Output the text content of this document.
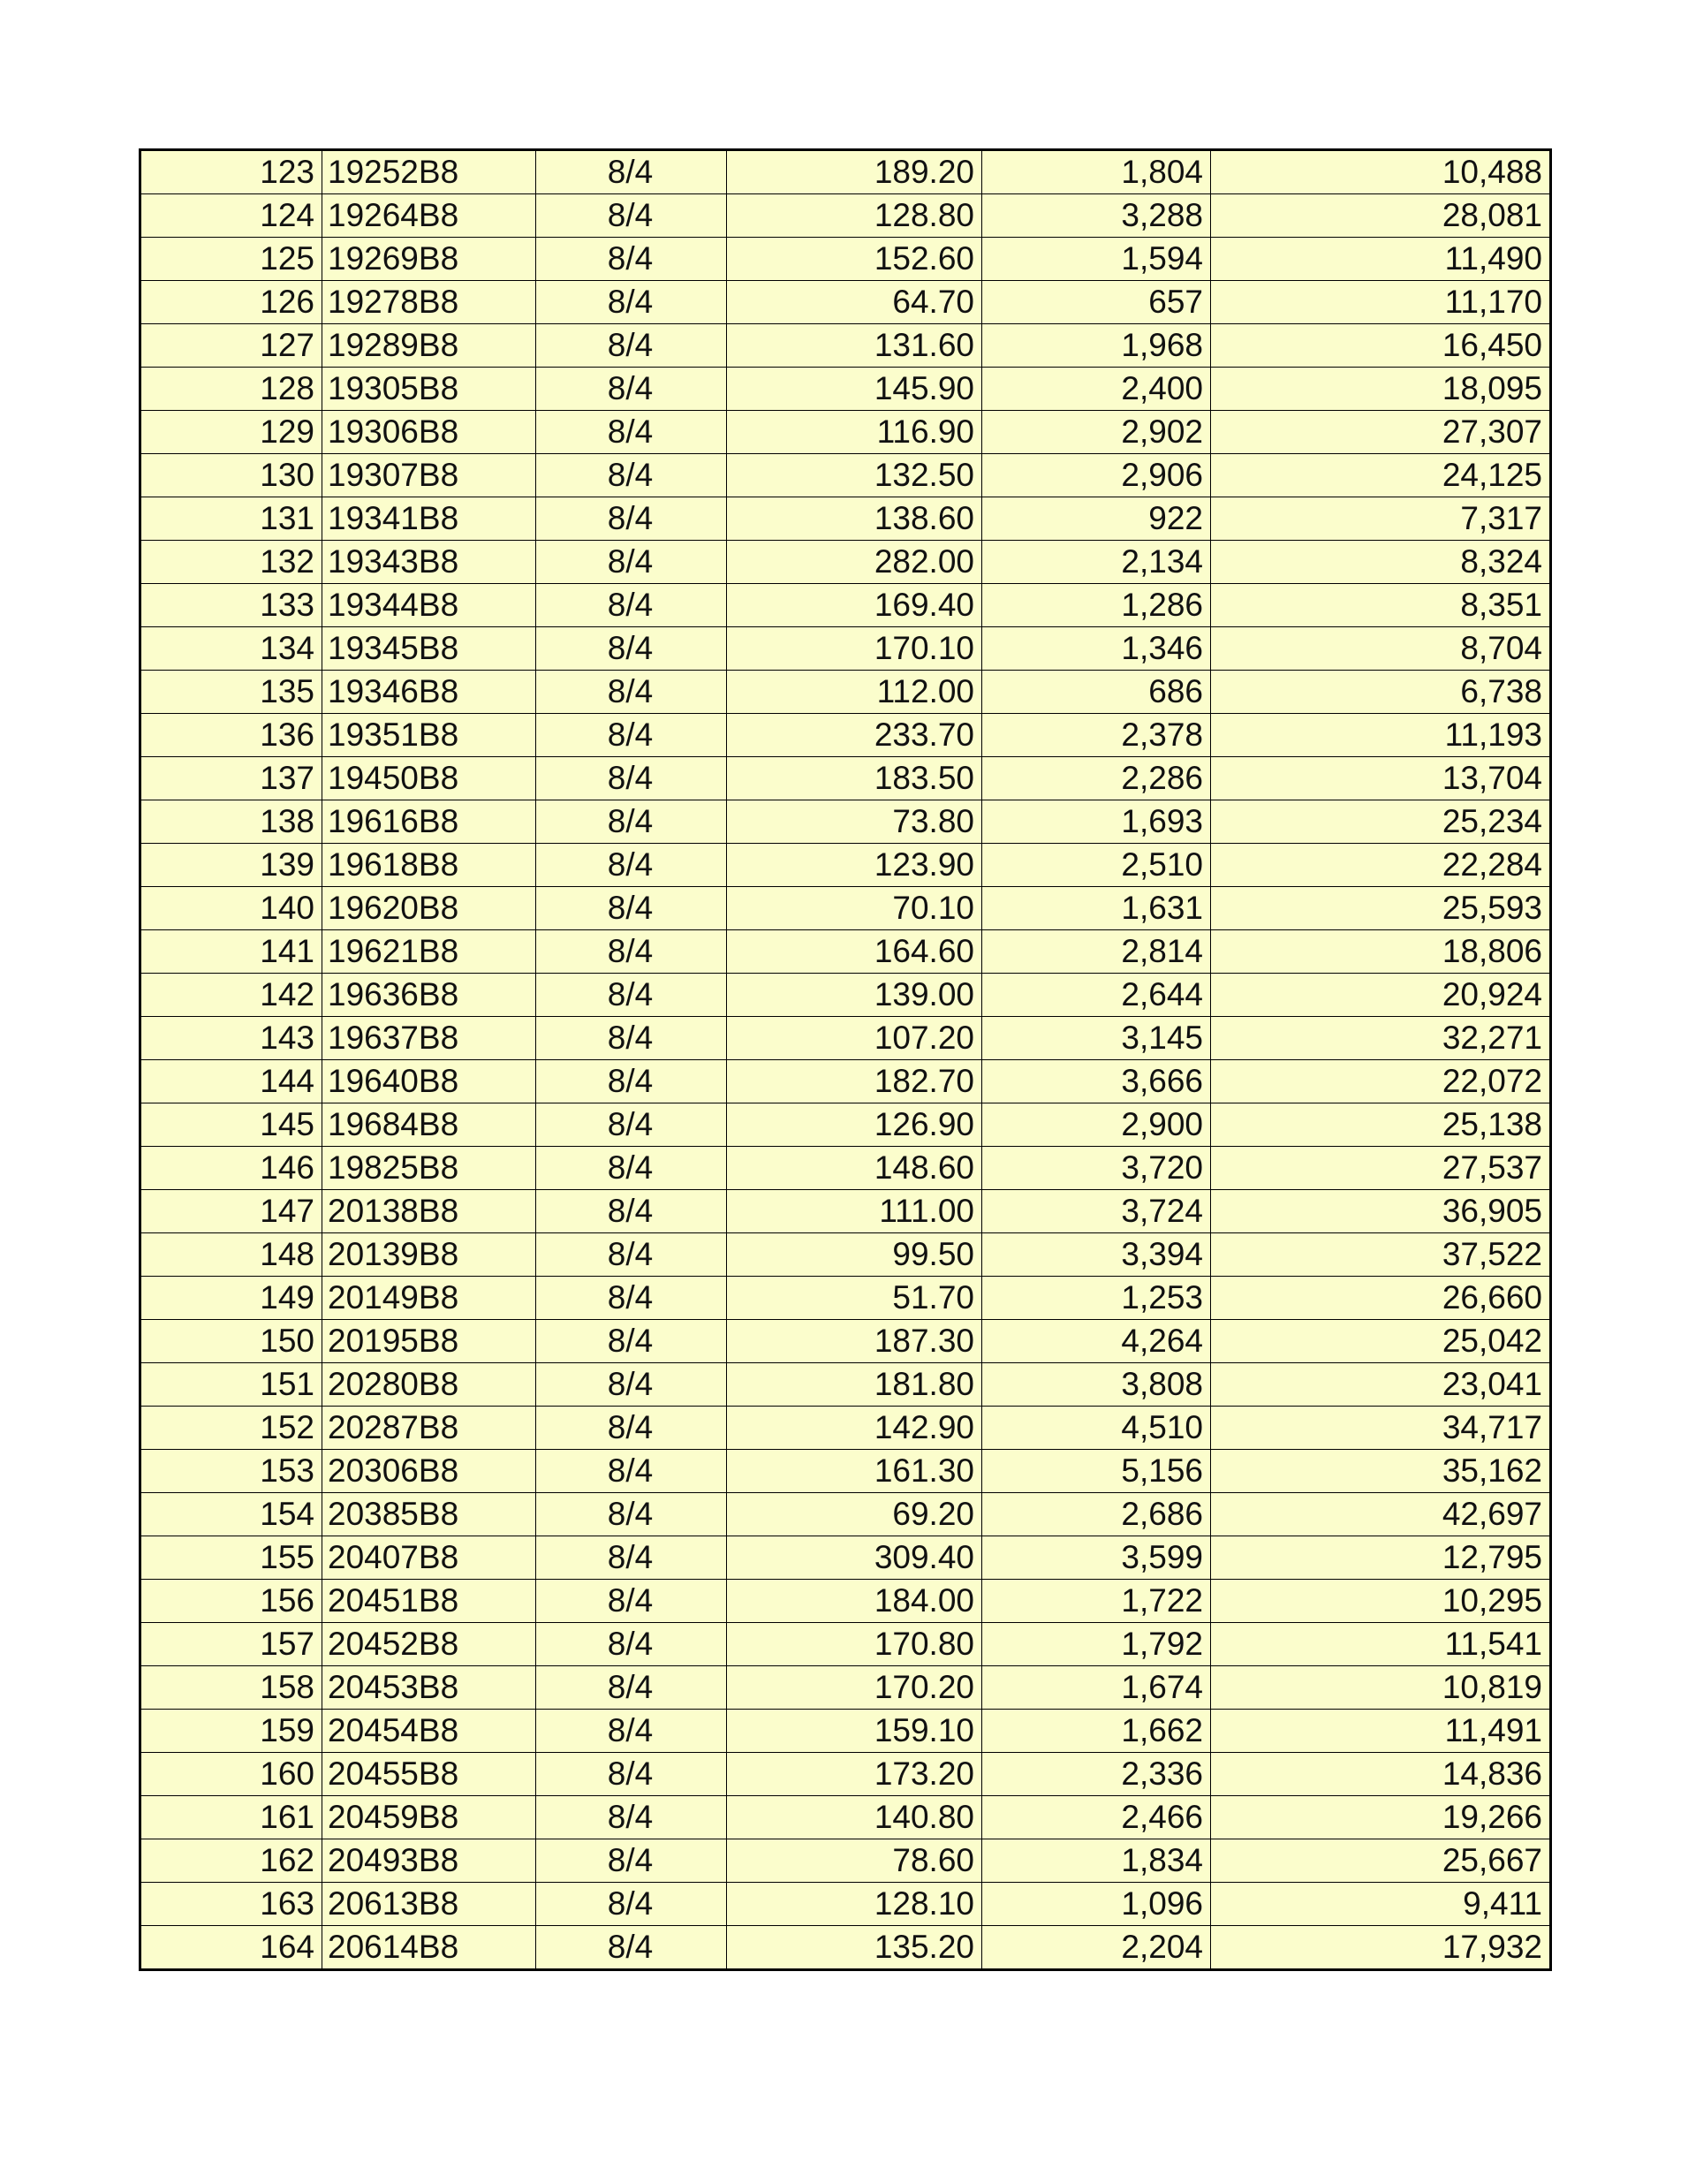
123	19252B8	8/4	189.20	1,804	10,488
124	19264B8	8/4	128.80	3,288	28,081
125	19269B8	8/4	152.60	1,594	11,490
126	19278B8	8/4	64.70	657	11,170
127	19289B8	8/4	131.60	1,968	16,450
128	19305B8	8/4	145.90	2,400	18,095
129	19306B8	8/4	116.90	2,902	27,307
130	19307B8	8/4	132.50	2,906	24,125
131	19341B8	8/4	138.60	922	7,317
132	19343B8	8/4	282.00	2,134	8,324
133	19344B8	8/4	169.40	1,286	8,351
134	19345B8	8/4	170.10	1,346	8,704
135	19346B8	8/4	112.00	686	6,738
136	19351B8	8/4	233.70	2,378	11,193
137	19450B8	8/4	183.50	2,286	13,704
138	19616B8	8/4	73.80	1,693	25,234
139	19618B8	8/4	123.90	2,510	22,284
140	19620B8	8/4	70.10	1,631	25,593
141	19621B8	8/4	164.60	2,814	18,806
142	19636B8	8/4	139.00	2,644	20,924
143	19637B8	8/4	107.20	3,145	32,271
144	19640B8	8/4	182.70	3,666	22,072
145	19684B8	8/4	126.90	2,900	25,138
146	19825B8	8/4	148.60	3,720	27,537
147	20138B8	8/4	111.00	3,724	36,905
148	20139B8	8/4	99.50	3,394	37,522
149	20149B8	8/4	51.70	1,253	26,660
150	20195B8	8/4	187.30	4,264	25,042
151	20280B8	8/4	181.80	3,808	23,041
152	20287B8	8/4	142.90	4,510	34,717
153	20306B8	8/4	161.30	5,156	35,162
154	20385B8	8/4	69.20	2,686	42,697
155	20407B8	8/4	309.40	3,599	12,795
156	20451B8	8/4	184.00	1,722	10,295
157	20452B8	8/4	170.80	1,792	11,541
158	20453B8	8/4	170.20	1,674	10,819
159	20454B8	8/4	159.10	1,662	11,491
160	20455B8	8/4	173.20	2,336	14,836
161	20459B8	8/4	140.80	2,466	19,266
162	20493B8	8/4	78.60	1,834	25,667
163	20613B8	8/4	128.10	1,096	9,411
164	20614B8	8/4	135.20	2,204	17,932
